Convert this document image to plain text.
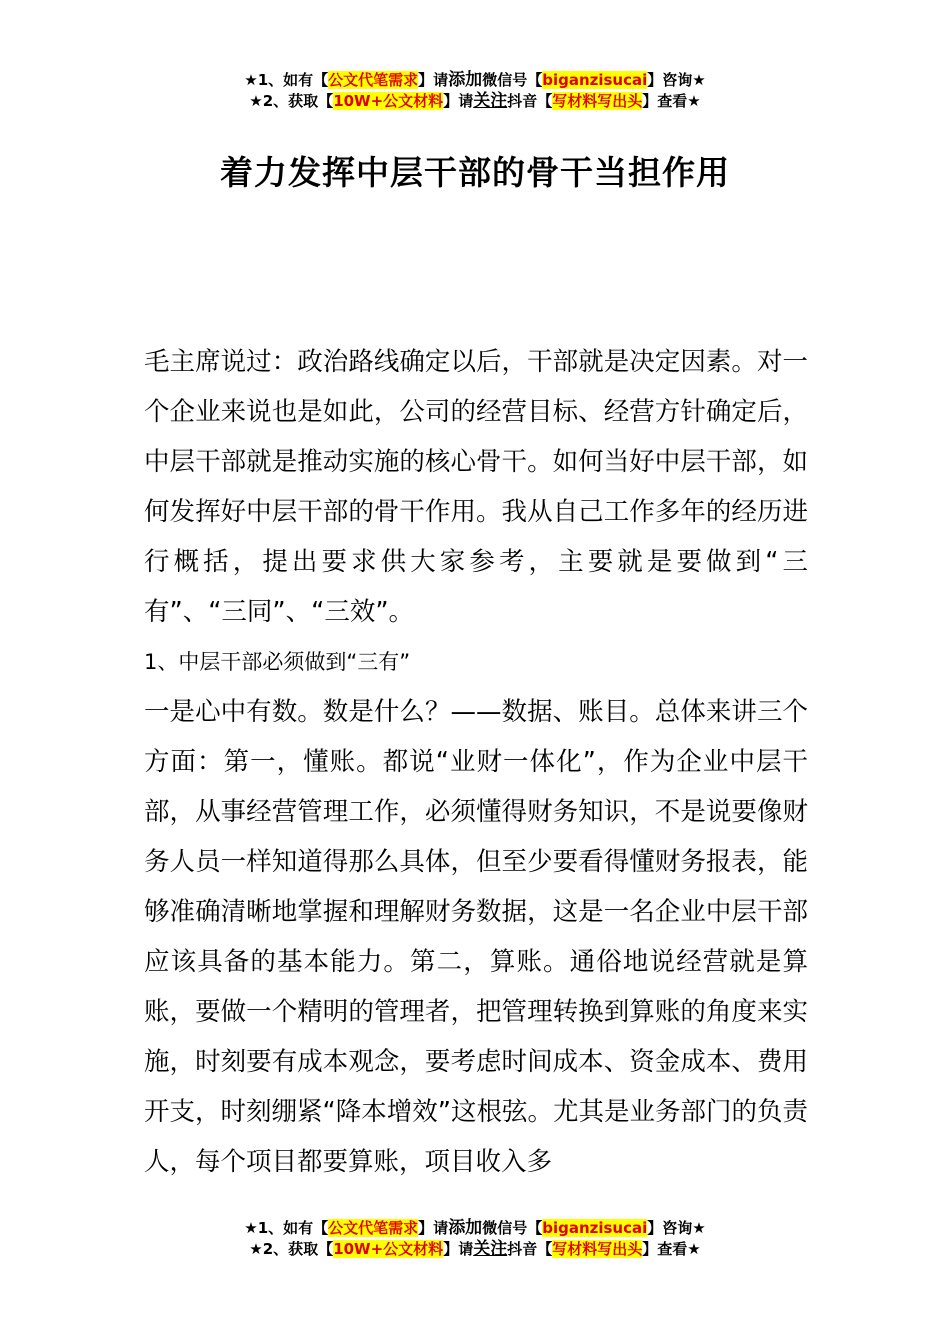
★1、如有【公文代笔需求】请添加微信号【biganzisucai】咨询★
★2、获取【10W+公文材料】请关注抖音【写材料写出头】查看★
着力发挥中层干部的骨干当担作用

毛主席说过：政治路线确定以后，干部就是决定因素。对一个企业来说也是如此，公司的经营目标、经营方针确定后，中层干部就是推动实施的核心骨干。如何当好中层干部，如何发挥好中层干部的骨干作用。我从自己工作多年的经历进行概括，提出要求供大家参考，主要就是要做到“三有”、“三同”、“三效”。

1、中层干部必须做到“三有”

一是心中有数。数是什么？——数据、账目。总体来讲三个方面：第一，懂账。都说“业财一体化”，作为企业中层干部，从事经营管理工作，必须懂得财务知识，不是说要像财务人员一样知道得那么具体，但至少要看得懂财务报表，能够准确清晰地掌握和理解财务数据，这是一名企业中层干部应该具备的基本能力。第二，算账。通俗地说经营就是算账，要做一个精明的管理者，把管理转换到算账的角度来实施，时刻要有成本观念，要考虑时间成本、资金成本、费用开支，时刻绷紧“降本增效”这根弦。尤其是业务部门的负责人，每个项目都要算账，项目收入多

★1、如有【公文代笔需求】请添加微信号【biganzisucai】咨询★
★2、获取【10W+公文材料】请关注抖音【写材料写出头】查看★
